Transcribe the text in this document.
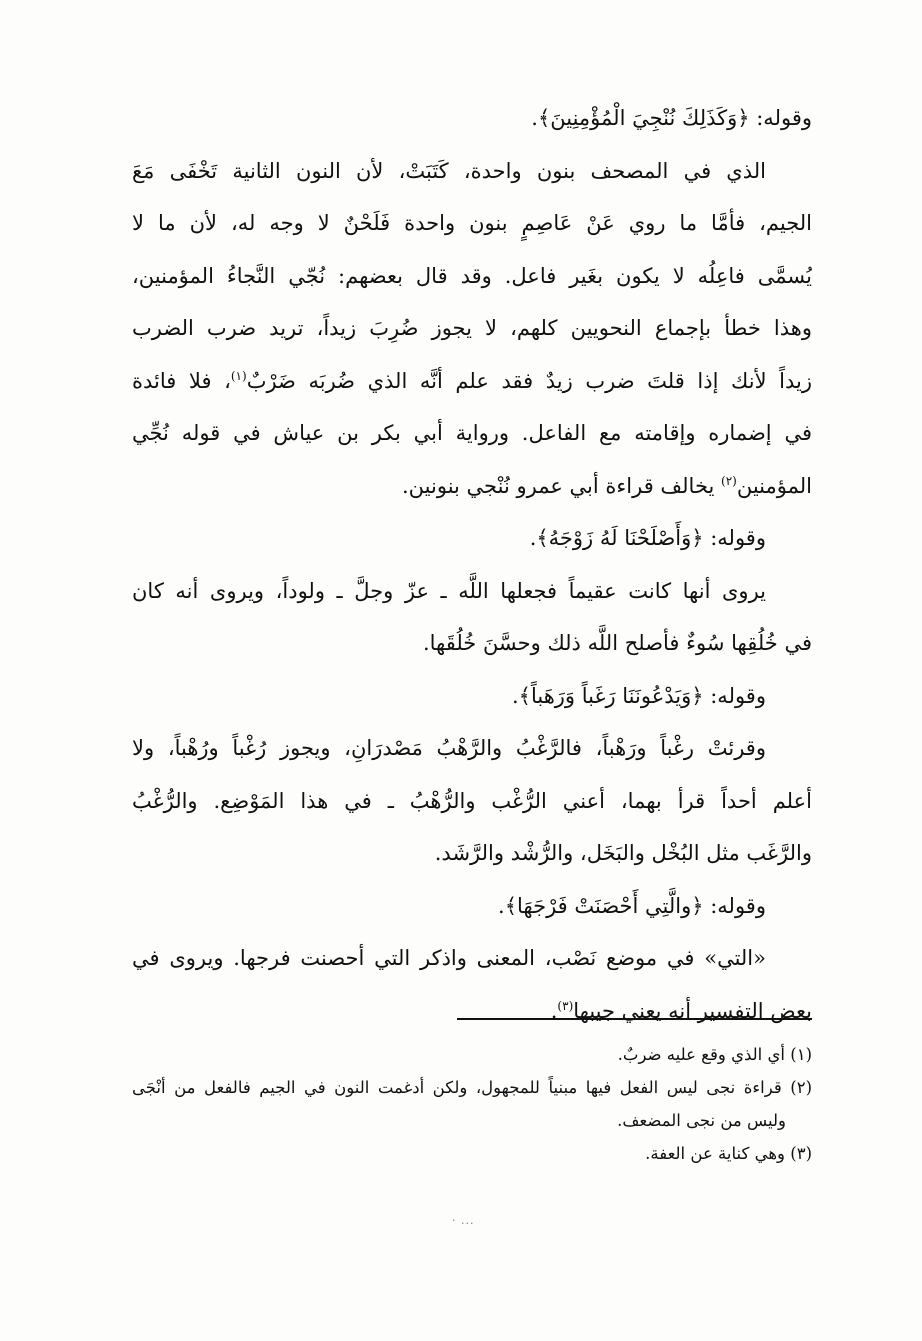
وقوله: ﴿وَكَذَلِكَ نُنْجِيَ الْمُؤْمِنِينَ﴾.
الذي في المصحف بنون واحدة، كَتَبَتْ، لأن النون الثانية تَخْفَى مَعَ
الجيم، فأمَّا ما روي عَنْ عَاصِمٍ بنون واحدة فَلَحْنٌ لا وجه له، لأن ما لا
يُسمَّى فاعِلُه لا يكون بغَير فاعل. وقد قال بعضهم: نُجّي النَّجاءُ المؤمنين،
وهذا خطأ بإجماع النحويين كلهم، لا يجوز ضُرِبَ زيداً، تريد ضرب الضرب
زيداً لأنك إذا قلتَ ضرب زيدٌ فقد علم أنَّه الذي ضُربَه ضَرْبٌ$^{(١)}$، فلا فائدة
في إضماره وإقامته مع الفاعل. ورواية أبي بكر بن عياش في قوله نُجِّي
المؤمنين$^{(٢)}$ يخالف قراءة أبي عمرو نُنْجي بنونين.
وقوله: ﴿وَأَصْلَحْنَا لَهُ زَوْجَهُ﴾.
يروى أنها كانت عقيماً فجعلها اللَّه ـ عزّ وجلَّ ـ ولوداً، ويروى أنه كان
في خُلُقِها سُوءٌ فأصلح اللَّه ذلك وحسَّنَ خُلُقَها.
وقوله: ﴿وَيَدْعُونَنَا رَغَباً وَرَهَباً﴾.
وقرئتْ رغْباً ورَهْباً، فالرَّغْبُ والرَّهْبُ مَصْدرَانِ، ويجوز رُغْباً ورُهْباً، ولا
أعلم أحداً قرأ بهما، أعني الرُّغْب والرُّهْبُ ـ في هذا المَوْضِع. والرُّغْبُ
والرَّغَب مثل البُخْل والبَخَل، والرُّشْد والرَّشَد.
وقوله: ﴿والَّتِي أَحْصَنَتْ فَرْجَهَا﴾.
«التي» في موضع نَصْب، المعنى واذكر التي أحصنت فرجها. ويروى في
بعض التفسير أنه يعني جيبها$^{(٣)}$.
(١) أي الذي وقع عليه ضربٌ.
(٢) قراءة نجى ليس الفعل فيها مبنياً للمجهول، ولكن أدغمت النون في الجيم فالفعل من أنْجَى
وليس من نجى المضعف.
(٣) وهي كناية عن العفة.
· ...
